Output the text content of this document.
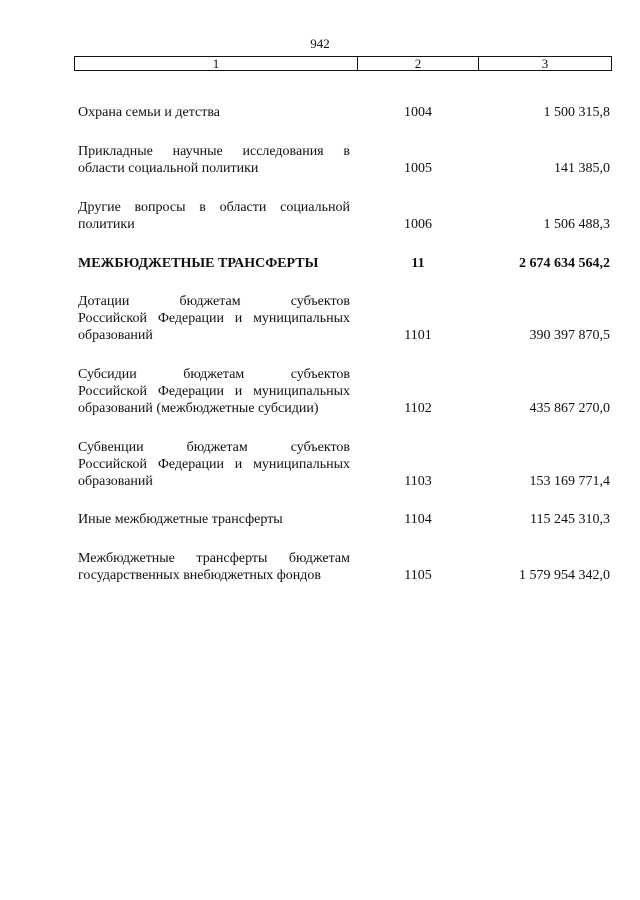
942
1	2	3
Охрана семьи и детства	1004	1 500 315,8
Прикладные научные исследования в
области социальной политики	1005	141 385,0
Другие вопросы в области социальной
политики	1006	1 506 488,3
МЕЖБЮДЖЕТНЫЕ ТРАНСФЕРТЫ	11	2 674 634 564,2
Дотации бюджетам субъектов
Российской Федерации и муниципальных
образований	1101	390 397 870,5
Субсидии бюджетам субъектов
Российской Федерации и муниципальных
образований (межбюджетные субсидии)	1102	435 867 270,0
Субвенции бюджетам субъектов
Российской Федерации и муниципальных
образований	1103	153 169 771,4
Иные межбюджетные трансферты	1104	115 245 310,3
Межбюджетные трансферты бюджетам
государственных внебюджетных фондов	1105	1 579 954 342,0
